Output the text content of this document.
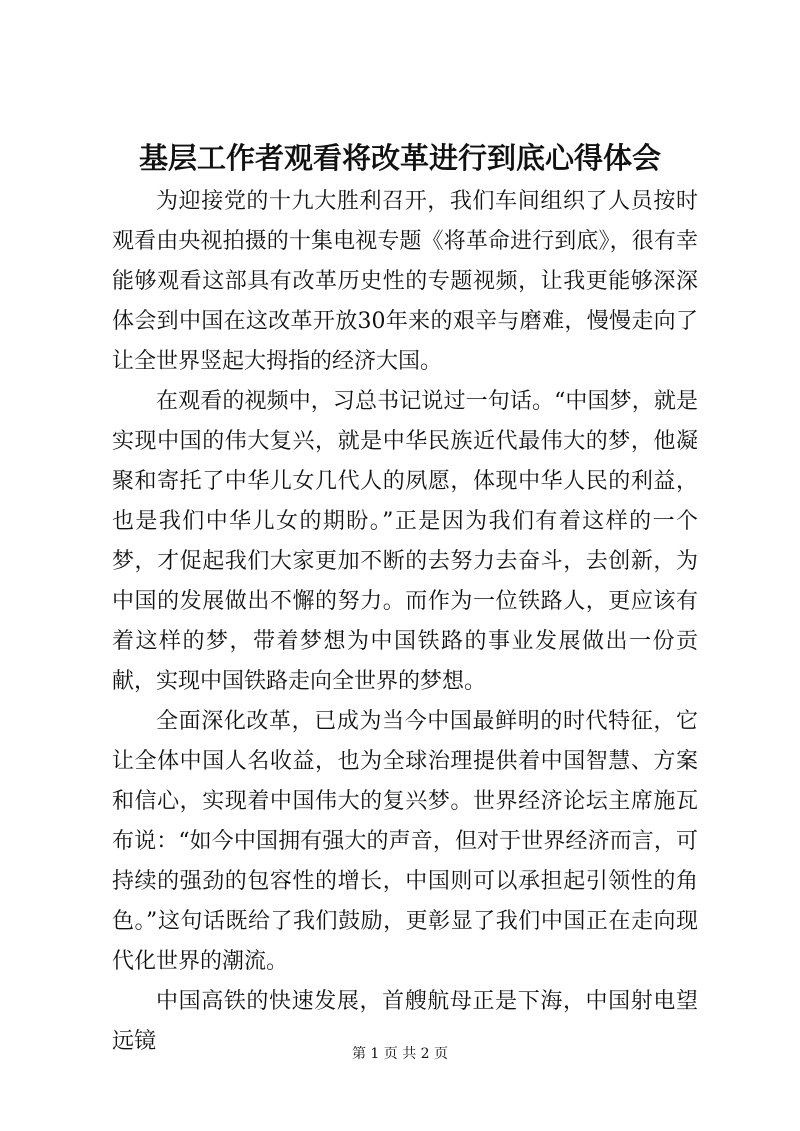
基层工作者观看将改革进行到底心得体会

为迎接党的十九大胜利召开，我们车间组织了人员按时观看由央视拍摄的十集电视专题《将革命进行到底》，很有幸能够观看这部具有改革历史性的专题视频，让我更能够深深体会到中国在这改革开放30年来的艰辛与磨难，慢慢走向了让全世界竖起大拇指的经济大国。

在观看的视频中，习总书记说过一句话。“中国梦，就是实现中国的伟大复兴，就是中华民族近代最伟大的梦，他凝聚和寄托了中华儿女几代人的夙愿，体现中华人民的利益，也是我们中华儿女的期盼。”正是因为我们有着这样的一个梦，才促起我们大家更加不断的去努力去奋斗，去创新，为中国的发展做出不懈的努力。而作为一位铁路人，更应该有着这样的梦，带着梦想为中国铁路的事业发展做出一份贡献，实现中国铁路走向全世界的梦想。

全面深化改革，已成为当今中国最鲜明的时代特征，它让全体中国人名收益，也为全球治理提供着中国智慧、方案和信心，实现着中国伟大的复兴梦。世界经济论坛主席施瓦布说：“如今中国拥有强大的声音，但对于世界经济而言，可持续的强劲的包容性的增长，中国则可以承担起引领性的角色。”这句话既给了我们鼓励，更彰显了我们中国正在走向现代化世界的潮流。

中国高铁的快速发展，首艘航母正是下海，中国射电望远镜	第 1 页 共 2 页
